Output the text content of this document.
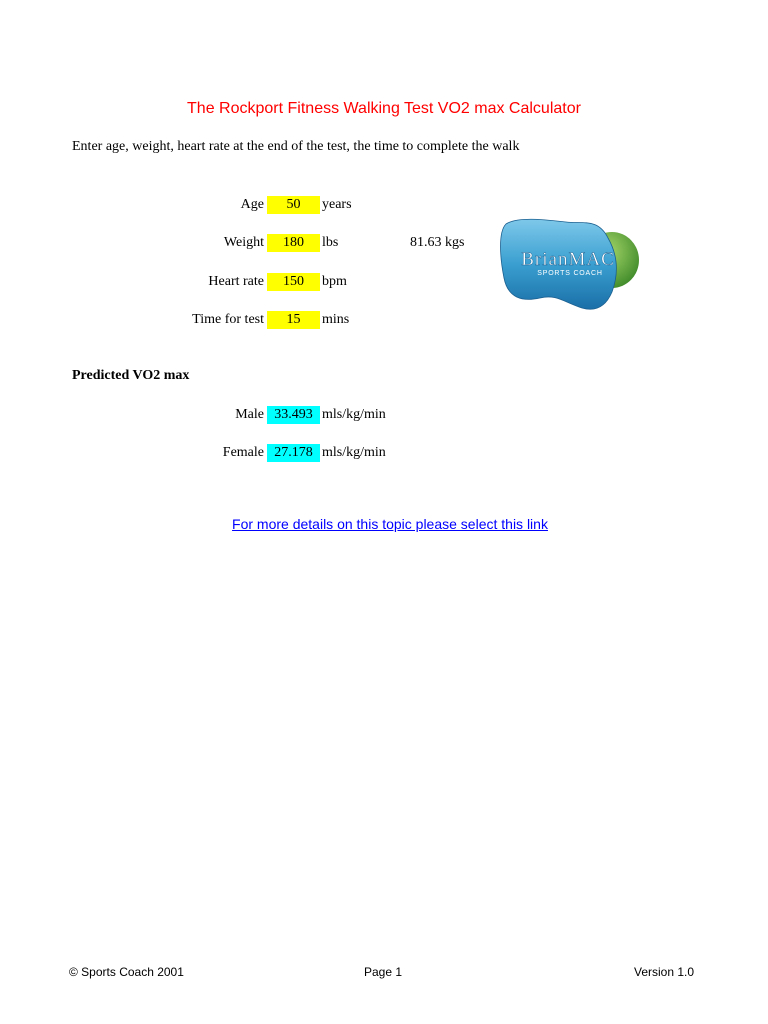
The Rockport Fitness Walking Test VO2 max Calculator
Enter age, weight, heart rate at the end of the test, the time to complete the walk
Age	50	years
Weight	180	lbs	81.63 kgs
Heart rate	150	bpm
Time for test	15	mins
BrianMAC
SPORTS COACH
Predicted VO2 max
Male 33.493 mls/kg/min
Female 27.178 mls/kg/min
For more details on this topic please select this link
© Sports Coach 2001	Page 1	Version 1.0
